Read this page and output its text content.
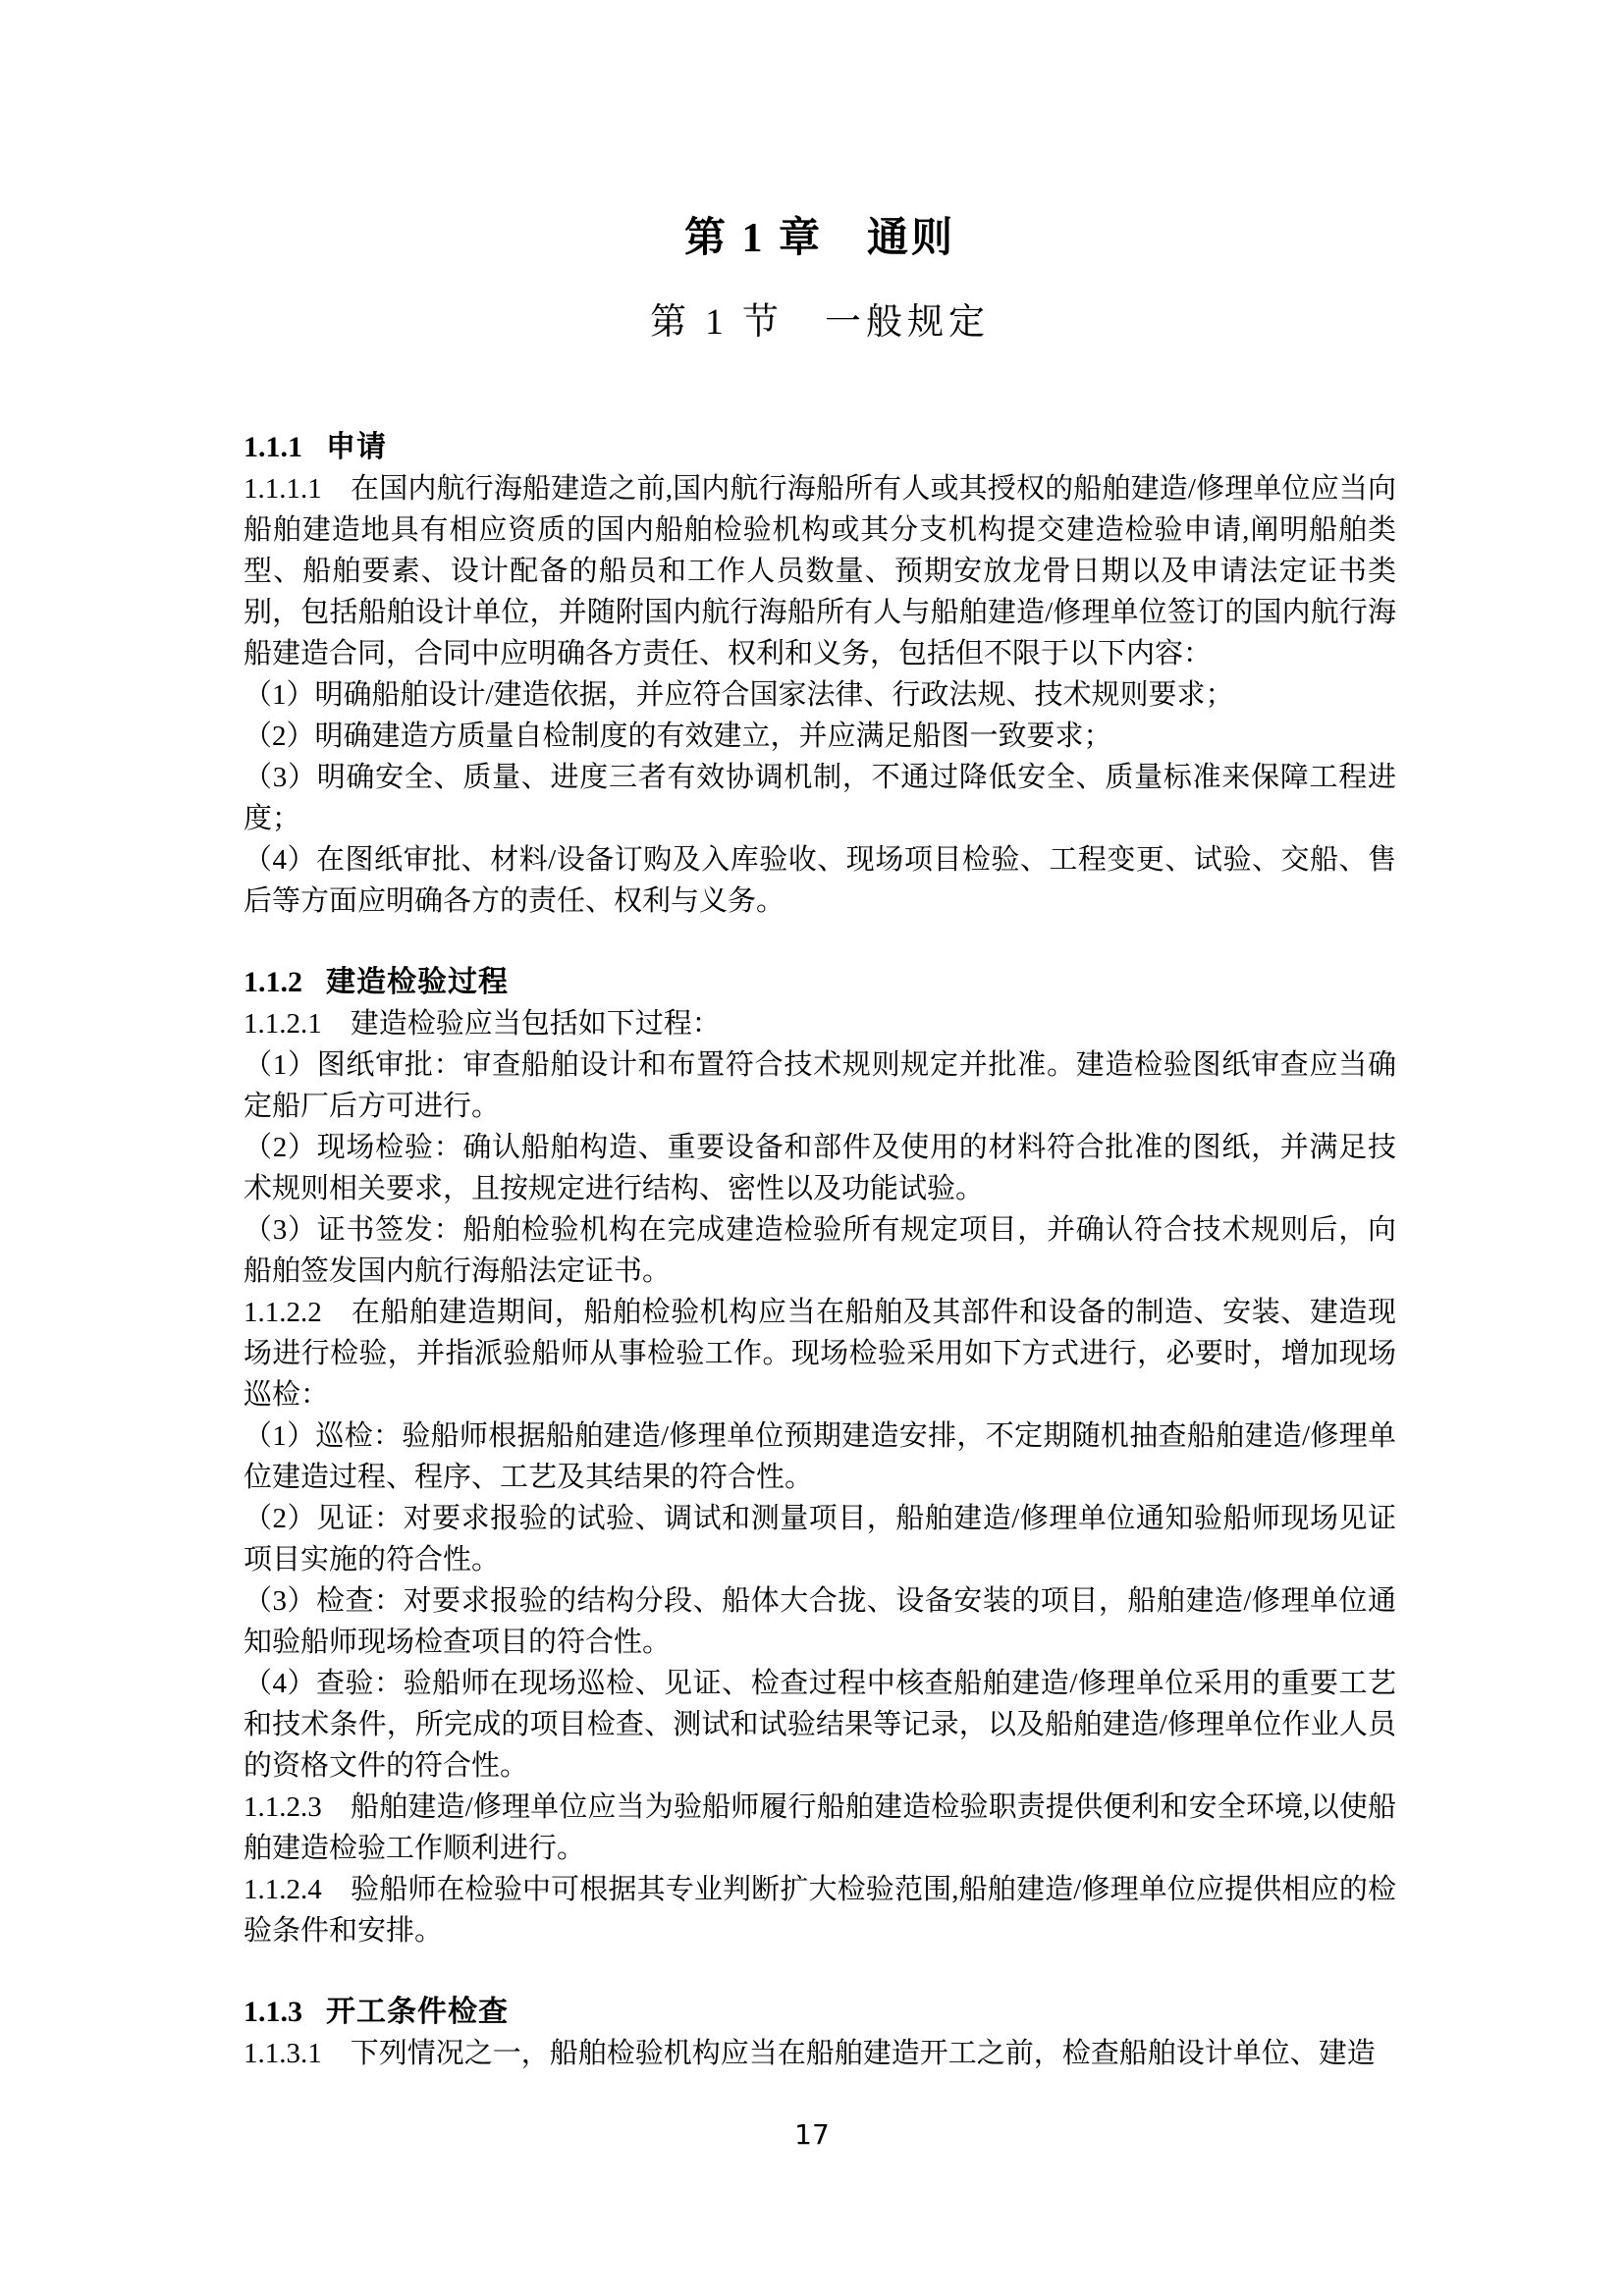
第 1 章　通则
第 1 节　一般规定
1.1.1 申请

1.1.1.1　在国内航行海船建造之前,国内航行海船所有人或其授权的船舶建造/修理单位应当向船舶建造地具有相应资质的国内船舶检验机构或其分支机构提交建造检验申请,阐明船舶类型、船舶要素、设计配备的船员和工作人员数量、预期安放龙骨日期以及申请法定证书类别，包括船舶设计单位，并随附国内航行海船所有人与船舶建造/修理单位签订的国内航行海船建造合同，合同中应明确各方责任、权利和义务，包括但不限于以下内容：

（1）明确船舶设计/建造依据，并应符合国家法律、行政法规、技术规则要求；

（2）明确建造方质量自检制度的有效建立，并应满足船图一致要求；

（3）明确安全、质量、进度三者有效协调机制，不通过降低安全、质量标准来保障工程进度；

（4）在图纸审批、材料/设备订购及入库验收、现场项目检验、工程变更、试验、交船、售后等方面应明确各方的责任、权利与义务。

1.1.2 建造检验过程

1.1.2.1　建造检验应当包括如下过程：

（1）图纸审批：审查船舶设计和布置符合技术规则规定并批准。建造检验图纸审查应当确定船厂后方可进行。

（2）现场检验：确认船舶构造、重要设备和部件及使用的材料符合批准的图纸，并满足技术规则相关要求，且按规定进行结构、密性以及功能试验。

（3）证书签发：船舶检验机构在完成建造检验所有规定项目，并确认符合技术规则后，向船舶签发国内航行海船法定证书。

1.1.2.2　在船舶建造期间，船舶检验机构应当在船舶及其部件和设备的制造、安装、建造现场进行检验，并指派验船师从事检验工作。现场检验采用如下方式进行，必要时，增加现场巡检：

（1）巡检：验船师根据船舶建造/修理单位预期建造安排，不定期随机抽查船舶建造/修理单位建造过程、程序、工艺及其结果的符合性。

（2）见证：对要求报验的试验、调试和测量项目，船舶建造/修理单位通知验船师现场见证项目实施的符合性。

（3）检查：对要求报验的结构分段、船体大合拢、设备安装的项目，船舶建造/修理单位通知验船师现场检查项目的符合性。

（4）查验：验船师在现场巡检、见证、检查过程中核查船舶建造/修理单位采用的重要工艺和技术条件，所完成的项目检查、测试和试验结果等记录，以及船舶建造/修理单位作业人员的资格文件的符合性。

1.1.2.3　船舶建造/修理单位应当为验船师履行船舶建造检验职责提供便利和安全环境,以使船舶建造检验工作顺利进行。

1.1.2.4　验船师在检验中可根据其专业判断扩大检验范围,船舶建造/修理单位应提供相应的检验条件和安排。

1.1.3 开工条件检查

1.1.3.1　下列情况之一，船舶检验机构应当在船舶建造开工之前，检查船舶设计单位、建造

17
